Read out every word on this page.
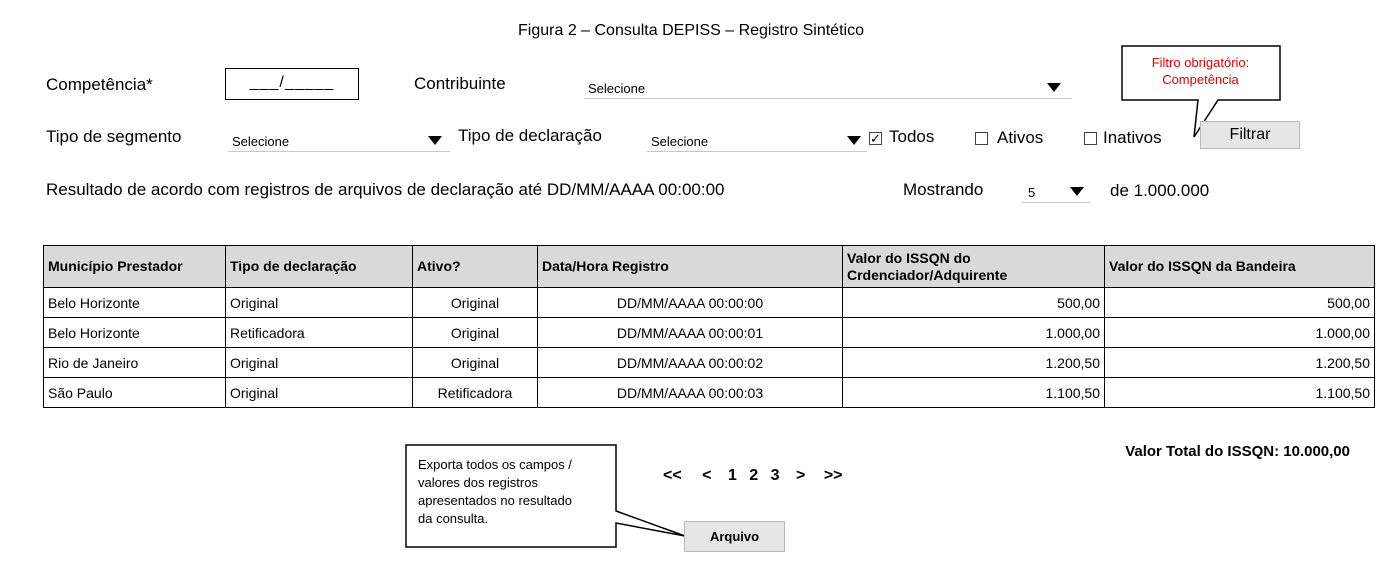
Figura 2 – Consulta DEPISS – Registro Sintético
Competência*	___/_____	Contribuinte	Selecione
Filtro obrigatório:
Competência
Tipo de segmento	Selecione	Tipo de declaração	Selecione	✓ Todos	Ativos	Inativos	Filtrar
Resultado de acordo com registros de arquivos de declaração até DD/MM/AAAA 00:00:00	Mostrando	5	de 1.000.000
Município Prestador	Tipo de declaração	Ativo?	Data/Hora Registro	Valor do ISSQN do Crdenciador/Adquirente	Valor do ISSQN da Bandeira
Belo Horizonte	Original	Original	DD/MM/AAAA 00:00:00	500,00	500,00
Belo Horizonte	Retificadora	Original	DD/MM/AAAA 00:00:01	1.000,00	1.000,00
Rio de Janeiro	Original	Original	DD/MM/AAAA 00:00:02	1.200,50	1.200,50
São Paulo	Original	Retificadora	DD/MM/AAAA 00:00:03	1.100,50	1.100,50
Valor Total do ISSQN: 10.000,00
Exporta todos os campos /
valores dos registros
apresentados no resultado
da consulta.
<< < 1 2 3 > >>
Arquivo
